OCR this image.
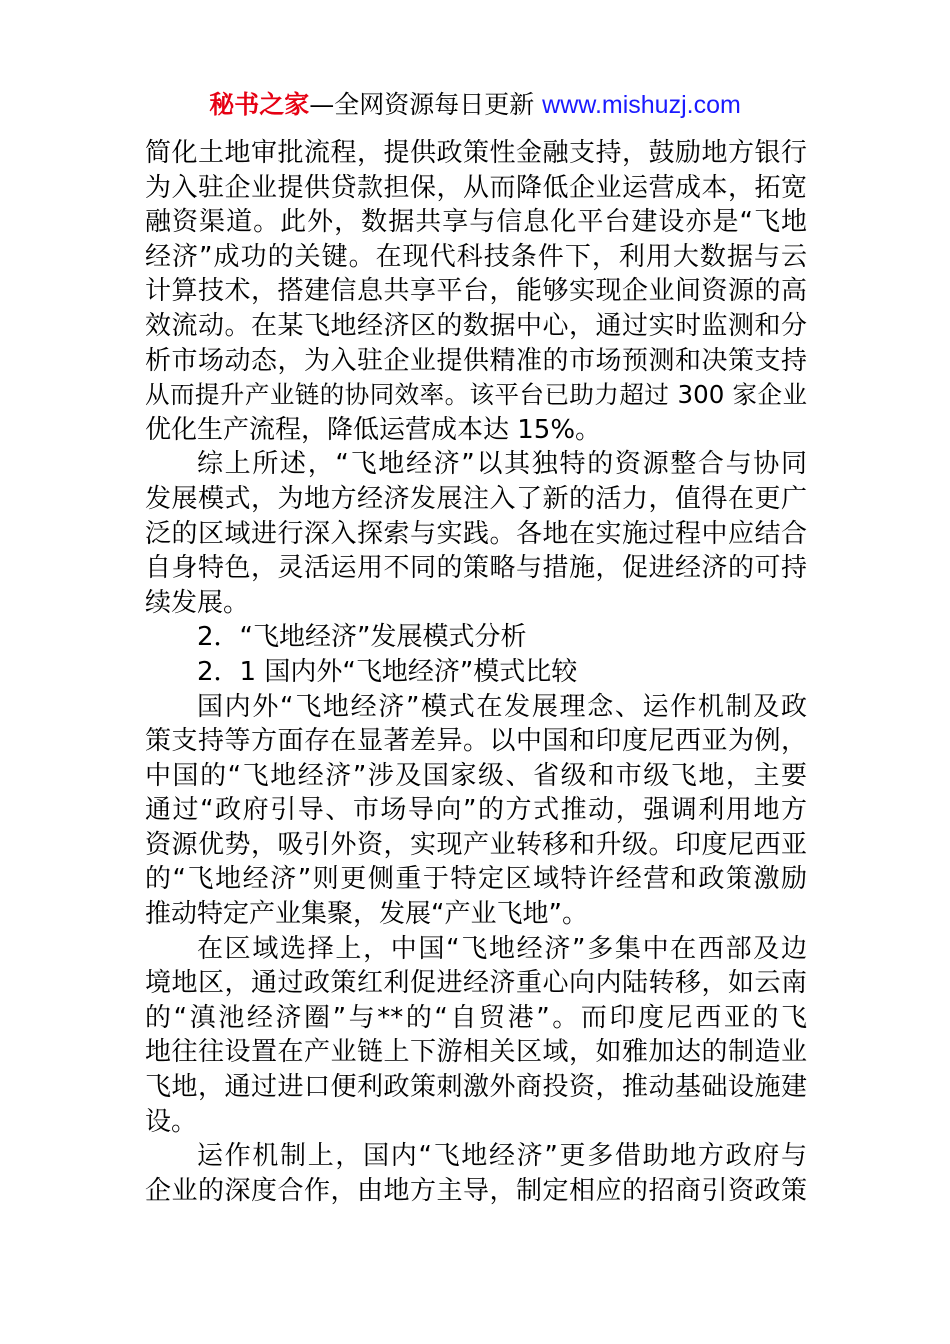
秘书之家—全网资源每日更新 www.mishuzj.com
简化土地审批流程，提供政策性金融支持，鼓励地方银行
为入驻企业提供贷款担保，从而降低企业运营成本，拓宽
融资渠道。此外，数据共享与信息化平台建设亦是“飞地
经济”成功的关键。在现代科技条件下，利用大数据与云
计算技术，搭建信息共享平台，能够实现企业间资源的高
效流动。在某飞地经济区的数据中心，通过实时监测和分
析市场动态，为入驻企业提供精准的市场预测和决策支持
从而提升产业链的协同效率。该平台已助力超过 300 家企业
优化生产流程，降低运营成本达 15%。
综上所述，“飞地经济”以其独特的资源整合与协同
发展模式，为地方经济发展注入了新的活力，值得在更广
泛的区域进行深入探索与实践。各地在实施过程中应结合
自身特色，灵活运用不同的策略与措施，促进经济的可持
续发展。
2．“飞地经济”发展模式分析
2．1 国内外“飞地经济”模式比较
国内外“飞地经济”模式在发展理念、运作机制及政
策支持等方面存在显著差异。以中国和印度尼西亚为例，
中国的“飞地经济”涉及国家级、省级和市级飞地，主要
通过“政府引导、市场导向”的方式推动，强调利用地方
资源优势，吸引外资，实现产业转移和升级。印度尼西亚
的“飞地经济”则更侧重于特定区域特许经营和政策激励
推动特定产业集聚，发展“产业飞地”。
在区域选择上，中国“飞地经济”多集中在西部及边
境地区，通过政策红利促进经济重心向内陆转移，如云南
的“滇池经济圈”与**的“自贸港”。而印度尼西亚的飞
地往往设置在产业链上下游相关区域，如雅加达的制造业
飞地，通过进口便利政策刺激外商投资，推动基础设施建
设。
运作机制上，国内“飞地经济”更多借助地方政府与
企业的深度合作，由地方主导，制定相应的招商引资政策
